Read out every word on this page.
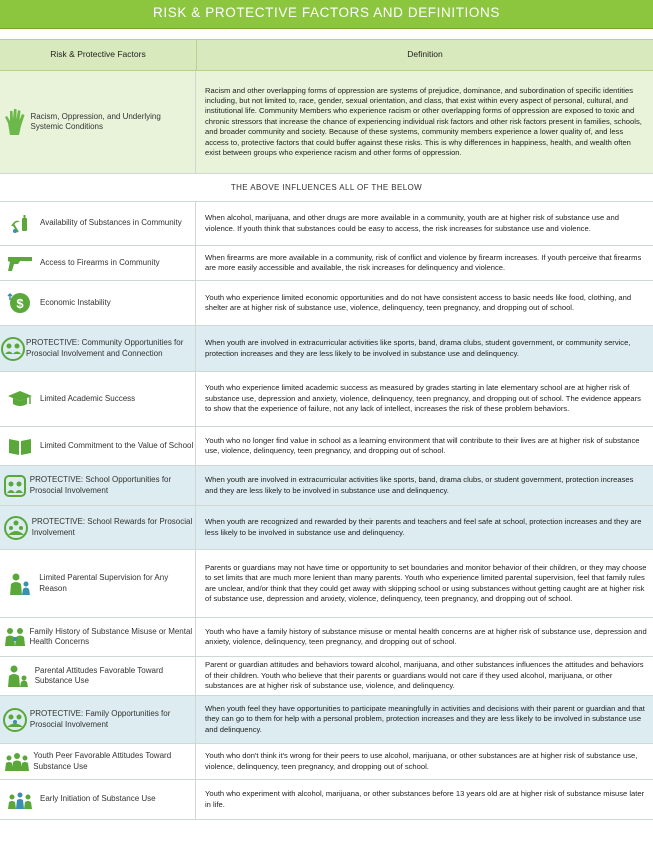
RISK & PROTECTIVE FACTORS AND DEFINITIONS
Risk & Protective Factors	Definition
Racism, Oppression, and Underlying Systemic Conditions
Racism and other overlapping forms of oppression are systems of prejudice, dominance, and subordination of specific identities including, but not limited to, race, gender, sexual orientation, and class, that exist within every aspect of personal, cultural, and institutional life. Community Members who experience racism or other overlapping forms of oppression are exposed to toxic and chronic stressors that increase the chance of experiencing individual risk factors and other risk factors present in families, schools, and broader community and society. Because of these systems, community members experience a lower quality of, and less access to, protective factors that could buffer against these risks. This is why differences in happiness, health, and wealth often exist between groups who experience racism and other forms of oppression.
THE ABOVE INFLUENCES ALL OF THE BELOW
Availability of Substances in Community
When alcohol, marijuana, and other drugs are more available in a community, youth are at higher risk of substance use and violence. If youth think that substances could be easy to access, the risk increases for substance use and violence.
Access to Firearms in Community
When firearms are more available in a community, risk of conflict and violence by firearm increases. If youth perceive that firearms are more easily accessible and available, the risk increases for delinquency and violence.
$ Economic Instability
Youth who experience limited economic opportunities and do not have consistent access to basic needs like food, clothing, and shelter are at higher risk of substance use, violence, delinquency, teen pregnancy, and dropping out of school.
PROTECTIVE: Community Opportunities for Prosocial Involvement and Connection
When youth are involved in extracurricular activities like sports, band, drama clubs, student government, or community service, protection increases and they are less likely to be involved in substance use and delinquency.
Limited Academic Success
Youth who experience limited academic success as measured by grades starting in late elementary school are at higher risk of substance use, depression and anxiety, violence, delinquency, teen pregnancy, and dropping out of school. The evidence appears to show that the experience of failure, not any lack of intellect, increases the risk of these problem behaviors.
Limited Commitment to the Value of School
Youth who no longer find value in school as a learning environment that will contribute to their lives are at higher risk of substance use, violence, delinquency, teen pregnancy, and dropping out of school.
PROTECTIVE: School Opportunities for Prosocial Involvement
When youth are involved in extracurricular activities like sports, band, drama clubs, or student government, protection increases and they are less likely to be involved in substance use and delinquency.
PROTECTIVE: School Rewards for Prosocial Involvement
When youth are recognized and rewarded by their parents and teachers and feel safe at school, protection increases and they are less likely to be involved in substance use and delinquency.
Limited Parental Supervision for Any Reason
Parents or guardians may not have time or opportunity to set boundaries and monitor behavior of their children, or they may choose to set limits that are much more lenient than many parents. Youth who experience limited parental supervision, feel that family rules are unclear, and/or think that they could get away with skipping school or using substances without getting caught are at higher risk of substance use, depression and anxiety, violence, delinquency, teen pregnancy, and dropping out of school.
Family History of Substance Misuse or Mental Health Concerns
Youth who have a family history of substance misuse or mental health concerns are at higher risk of substance use, depression and anxiety, violence, delinquency, teen pregnancy, and dropping out of school.
Parental Attitudes Favorable Toward Substance Use
Parent or guardian attitudes and behaviors toward alcohol, marijuana, and other substances influences the attitudes and behaviors of their children. Youth who believe that their parents or guardians would not care if they used alcohol, marijuana, or other substances are at higher risk of substance use, violence, and delinquency.
PROTECTIVE: Family Opportunities for Prosocial Involvement
When youth feel they have opportunities to participate meaningfully in activities and decisions with their parent or guardian and that they can go to them for help with a personal problem, protection increases and they are less likely to be involved in substance use and delinquency.
Youth Peer Favorable Attitudes Toward Substance Use
Youth who don't think it's wrong for their peers to use alcohol, marijuana, or other substances are at higher risk of substance use, violence, delinquency, teen pregnancy, and dropping out of school.
Early Initiation of Substance Use
Youth who experiment with alcohol, marijuana, or other substances before 13 years old are at higher risk of substance misuse later in life.
